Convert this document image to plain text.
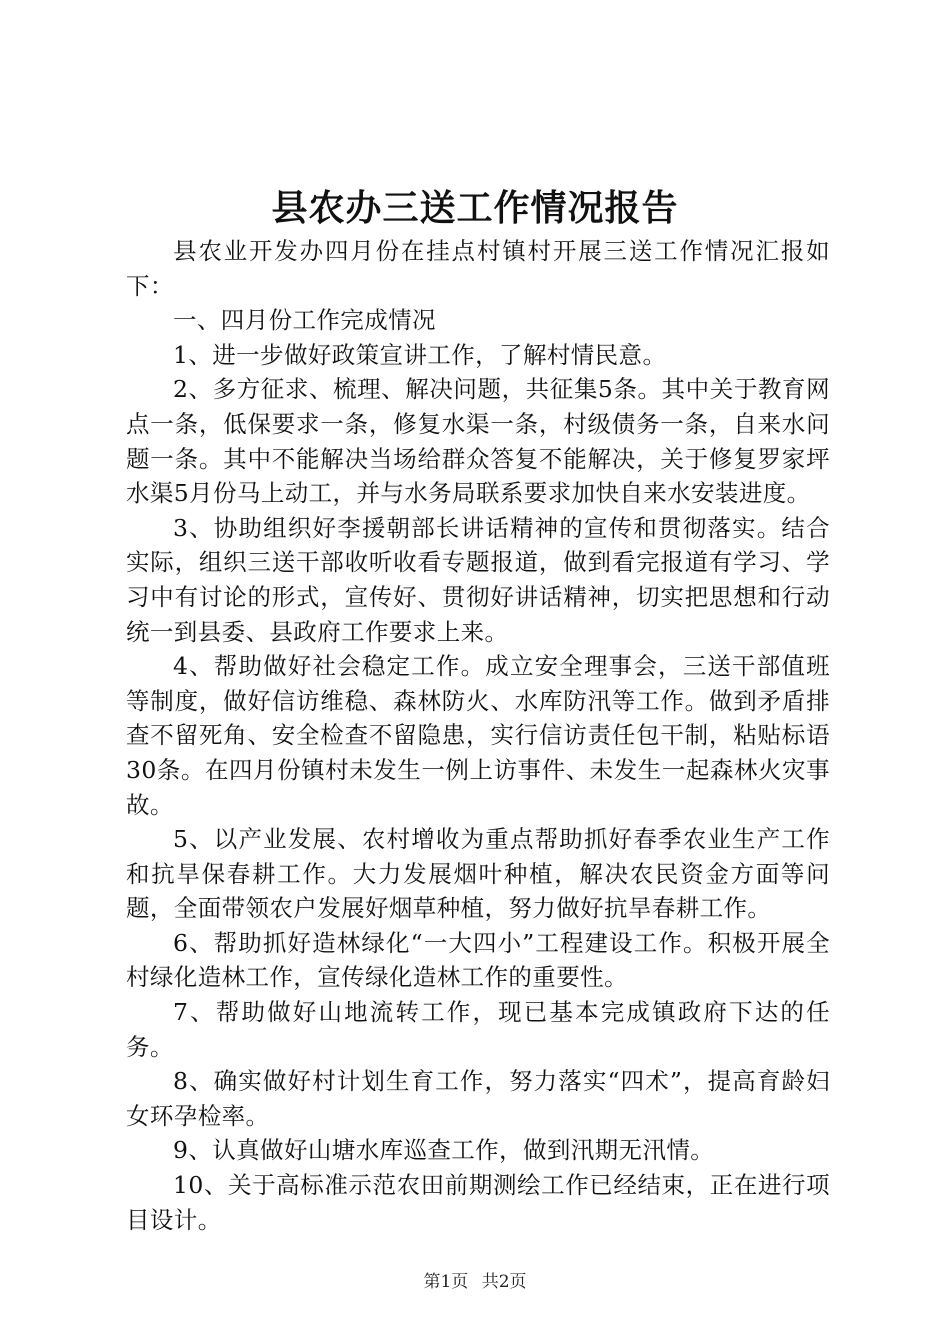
县农办三送工作情况报告

县农业开发办四月份在挂点村镇村开展三送工作情况汇报如下：

一、四月份工作完成情况

1、进一步做好政策宣讲工作，了解村情民意。

2、多方征求、梳理、解决问题，共征集5条。其中关于教育网点一条，低保要求一条，修复水渠一条，村级债务一条，自来水问题一条。其中不能解决当场给群众答复不能解决，关于修复罗家坪水渠5月份马上动工，并与水务局联系要求加快自来水安装进度。

3、协助组织好李援朝部长讲话精神的宣传和贯彻落实。结合实际，组织三送干部收听收看专题报道，做到看完报道有学习、学习中有讨论的形式，宣传好、贯彻好讲话精神，切实把思想和行动统一到县委、县政府工作要求上来。

4、帮助做好社会稳定工作。成立安全理事会，三送干部值班等制度，做好信访维稳、森林防火、水库防汛等工作。做到矛盾排查不留死角、安全检查不留隐患，实行信访责任包干制，粘贴标语30条。在四月份镇村未发生一例上访事件、未发生一起森林火灾事故。

5、以产业发展、农村增收为重点帮助抓好春季农业生产工作和抗旱保春耕工作。大力发展烟叶种植，解决农民资金方面等问题，全面带领农户发展好烟草种植，努力做好抗旱春耕工作。

6、帮助抓好造林绿化“一大四小”工程建设工作。积极开展全村绿化造林工作，宣传绿化造林工作的重要性。

7、帮助做好山地流转工作，现已基本完成镇政府下达的任务。

8、确实做好村计划生育工作，努力落实“四术”，提高育龄妇女环孕检率。

9、认真做好山塘水库巡查工作，做到汛期无汛情。

10、关于高标准示范农田前期测绘工作已经结束，正在进行项目设计。

第1页 共2页
